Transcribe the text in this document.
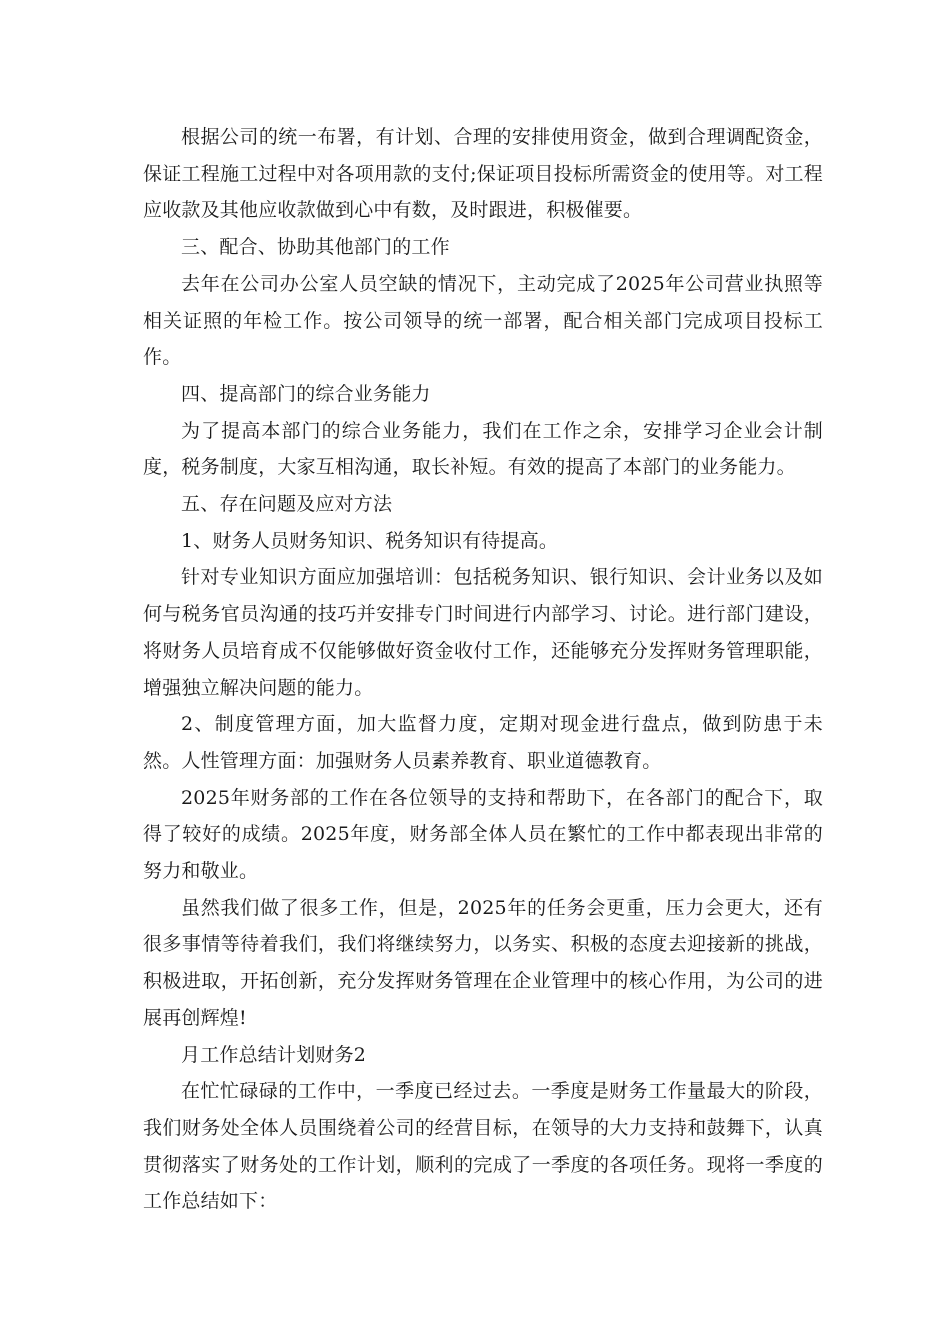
根据公司的统一布署，有计划、合理的安排使用资金，做到合理调配资金，保证工程施工过程中对各项用款的支付;保证项目投标所需资金的使用等。对工程应收款及其他应收款做到心中有数，及时跟进，积极催要。

三、配合、协助其他部门的工作

去年在公司办公室人员空缺的情况下，主动完成了2025年公司营业执照等相关证照的年检工作。按公司领导的统一部署，配合相关部门完成项目投标工作。

四、提高部门的综合业务能力

为了提高本部门的综合业务能力，我们在工作之余，安排学习企业会计制度，税务制度，大家互相沟通，取长补短。有效的提高了本部门的业务能力。

五、存在问题及应对方法

1、财务人员财务知识、税务知识有待提高。

针对专业知识方面应加强培训：包括税务知识、银行知识、会计业务以及如何与税务官员沟通的技巧并安排专门时间进行内部学习、讨论。进行部门建设，将财务人员培育成不仅能够做好资金收付工作，还能够充分发挥财务管理职能，增强独立解决问题的能力。

2、制度管理方面，加大监督力度，定期对现金进行盘点，做到防患于未然。人性管理方面：加强财务人员素养教育、职业道德教育。

2025年财务部的工作在各位领导的支持和帮助下，在各部门的配合下，取得了较好的成绩。2025年度，财务部全体人员在繁忙的工作中都表现出非常的努力和敬业。

虽然我们做了很多工作，但是，2025年的任务会更重，压力会更大，还有很多事情等待着我们，我们将继续努力，以务实、积极的态度去迎接新的挑战，积极进取，开拓创新，充分发挥财务管理在企业管理中的核心作用，为公司的进展再创辉煌!

月工作总结计划财务2

在忙忙碌碌的工作中，一季度已经过去。一季度是财务工作量最大的阶段，我们财务处全体人员围绕着公司的经营目标，在领导的大力支持和鼓舞下，认真贯彻落实了财务处的工作计划，顺利的完成了一季度的各项任务。现将一季度的工作总结如下：
